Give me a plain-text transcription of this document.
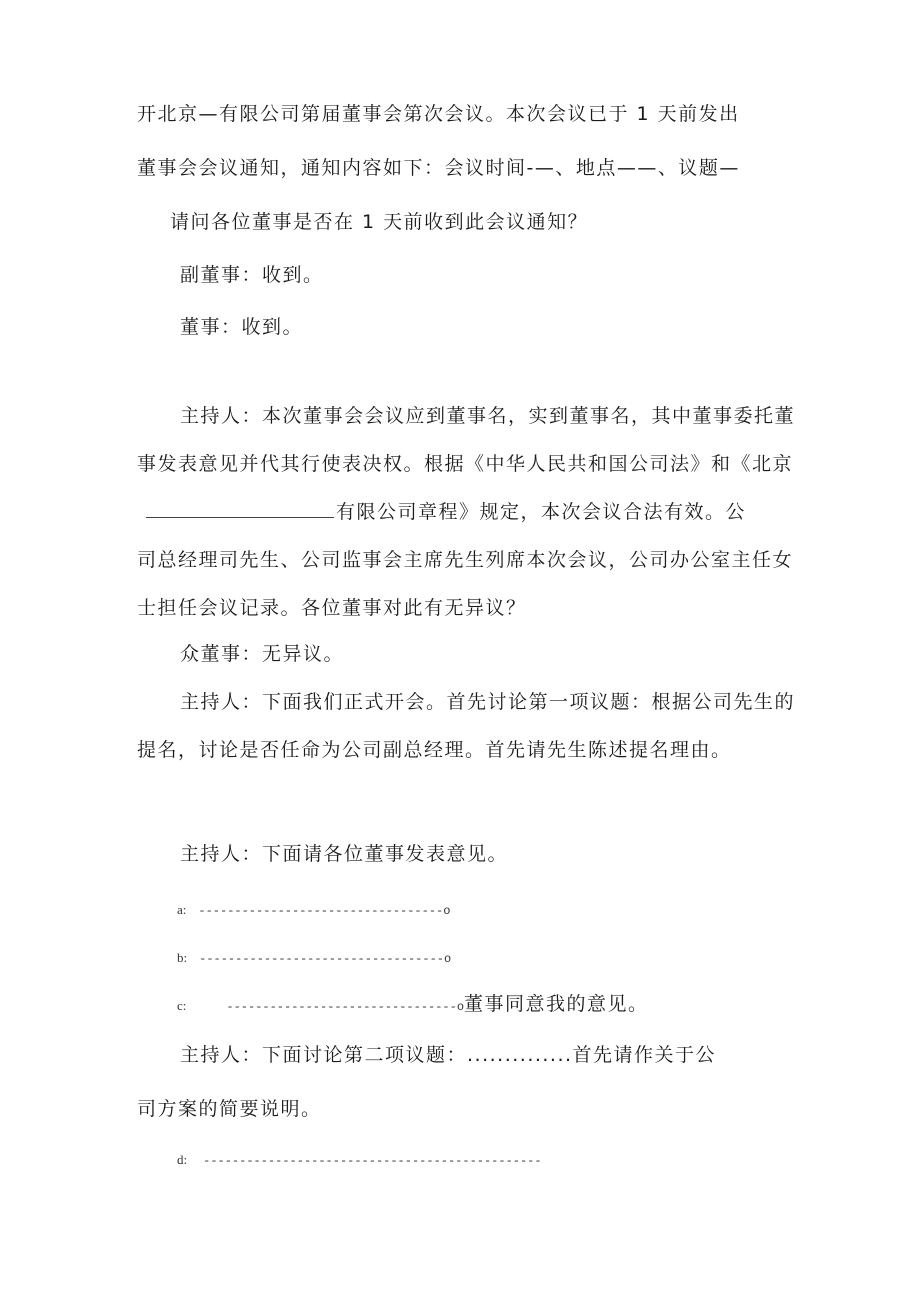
开北京—有限公司第届董事会第次会议。本次会议已于 1 天前发出
董事会会议通知，通知内容如下：会议时间-—、地点——、议题—
请问各位董事是否在 1 天前收到此会议通知？
副董事：收到。
董事：收到。
主持人：本次董事会会议应到董事名，实到董事名，其中董事委托董
事发表意见并代其行使表决权。根据《中华人民共和国公司法》和《北京
有限公司章程》规定，本次会议合法有效。公
司总经理司先生、公司监事会主席先生列席本次会议，公司办公室主任女
士担任会议记录。各位董事对此有无异议？
众董事：无异议。
主持人：下面我们正式开会。首先讨论第一项议题：根据公司先生的
提名，讨论是否任命为公司副总经理。首先请先生陈述提名理由。
主持人：下面请各位董事发表意见。
a: ----------------------------------o
b: ----------------------------------o
c:	--------------------------------o董事同意我的意见。
主持人：下面讨论第二项议题：..............首先请作关于公
司方案的简要说明。
d: -----------------------------------------------
